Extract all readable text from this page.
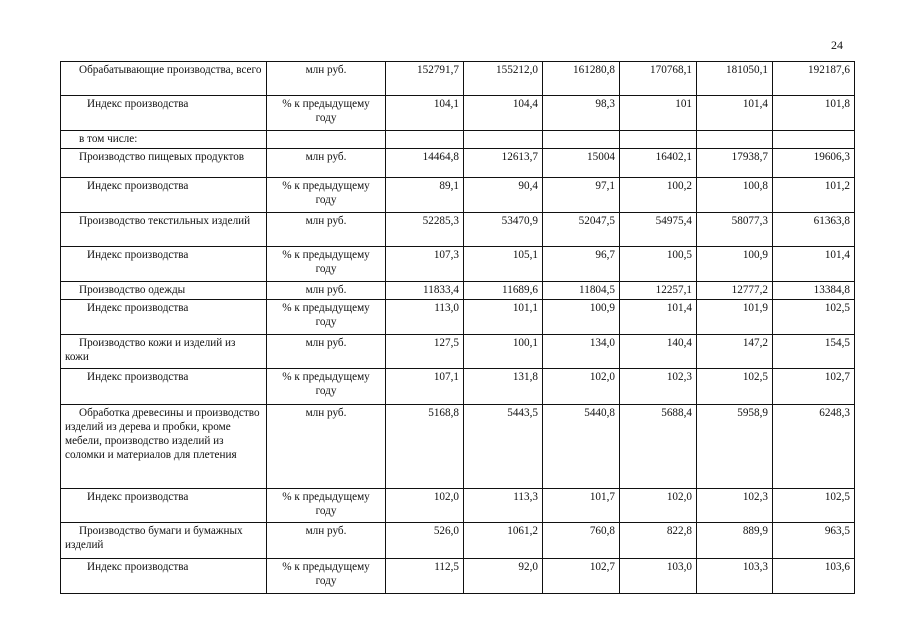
24
Обрабатывающие производства, всего	млн руб.	152791,7	155212,0	161280,8	170768,1	181050,1	192187,6

Индекс производства	% к предыдущему году	104,1	104,4	98,3	101	101,4	101,8

в том числе:							

Производство пищевых продуктов	млн руб.	14464,8	12613,7	15004	16402,1	17938,7	19606,3

Индекс производства	% к предыдущему году	89,1	90,4	97,1	100,2	100,8	101,2

Производство текстильных изделий	млн руб.	52285,3	53470,9	52047,5	54975,4	58077,3	61363,8

Индекс производства	% к предыдущему году	107,3	105,1	96,7	100,5	100,9	101,4

Производство одежды	млн руб.	11833,4	11689,6	11804,5	12257,1	12777,2	13384,8

Индекс производства	% к предыдущему году	113,0	101,1	100,9	101,4	101,9	102,5

Производство кожи и изделий из кожи	млн руб.	127,5	100,1	134,0	140,4	147,2	154,5

Индекс производства	% к предыдущему году	107,1	131,8	102,0	102,3	102,5	102,7

Обработка древесины и производство изделий из дерева и пробки, кроме мебели, производство изделий из соломки и материалов для плетения	млн руб.	5168,8	5443,5	5440,8	5688,4	5958,9	6248,3

Индекс производства	% к предыдущему году	102,0	113,3	101,7	102,0	102,3	102,5

Производство бумаги и бумажных изделий	млн руб.	526,0	1061,2	760,8	822,8	889,9	963,5

Индекс производства	% к предыдущему году	112,5	92,0	102,7	103,0	103,3	103,6
